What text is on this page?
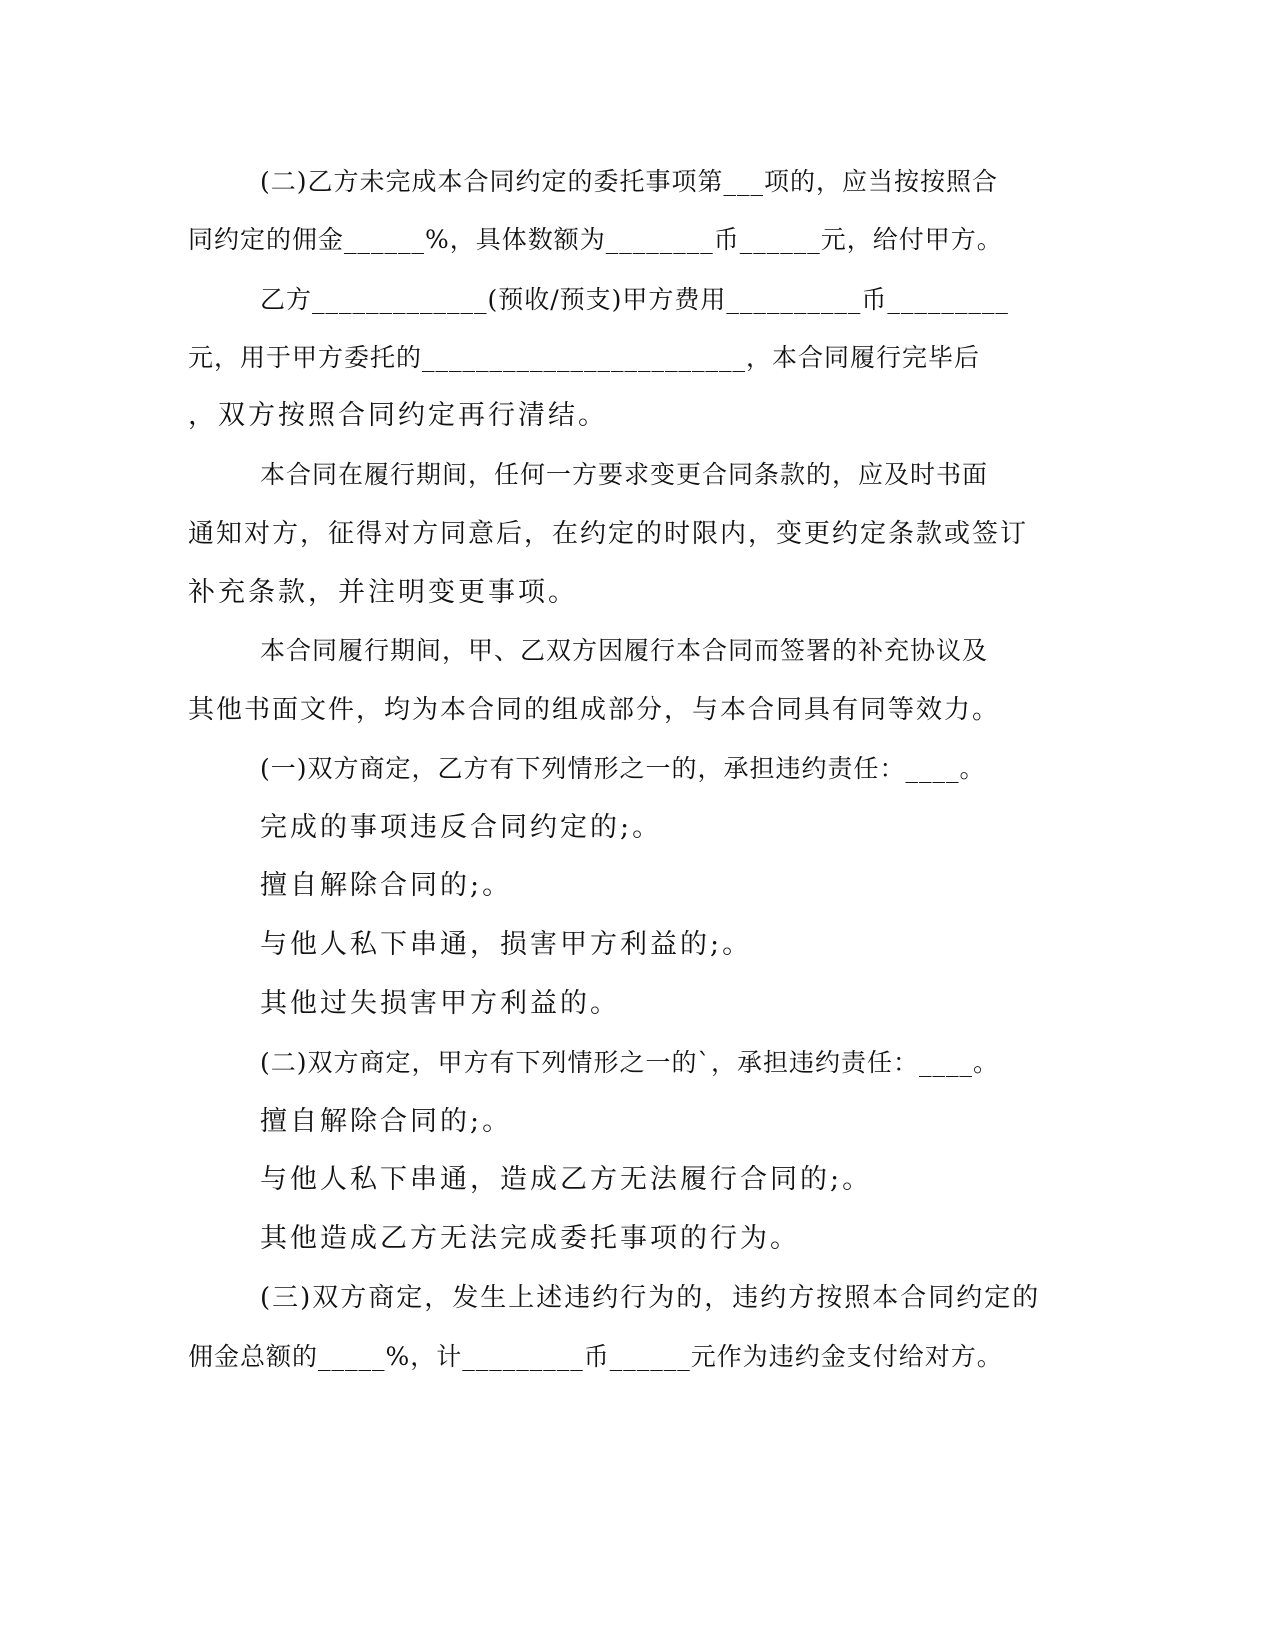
(二)乙方未完成本合同约定的委托事项第___项的，应当按按照合
同约定的佣金______%，具体数额为________币______元，给付甲方。
乙方_____________(预收/预支)甲方费用__________币_________
元，用于甲方委托的________________________，本合同履行完毕后
，双方按照合同约定再行清结。
本合同在履行期间，任何一方要求变更合同条款的，应及时书面
通知对方，征得对方同意后，在约定的时限内，变更约定条款或签订
补充条款，并注明变更事项。
本合同履行期间，甲、乙双方因履行本合同而签署的补充协议及
其他书面文件，均为本合同的组成部分，与本合同具有同等效力。
(一)双方商定，乙方有下列情形之一的，承担违约责任：____。
完成的事项违反合同约定的;。
擅自解除合同的;。
与他人私下串通，损害甲方利益的;。
其他过失损害甲方利益的。
(二)双方商定，甲方有下列情形之一的`，承担违约责任：____。
擅自解除合同的;。
与他人私下串通，造成乙方无法履行合同的;。
其他造成乙方无法完成委托事项的行为。
(三)双方商定，发生上述违约行为的，违约方按照本合同约定的
佣金总额的_____%，计_________币______元作为违约金支付给对方。
